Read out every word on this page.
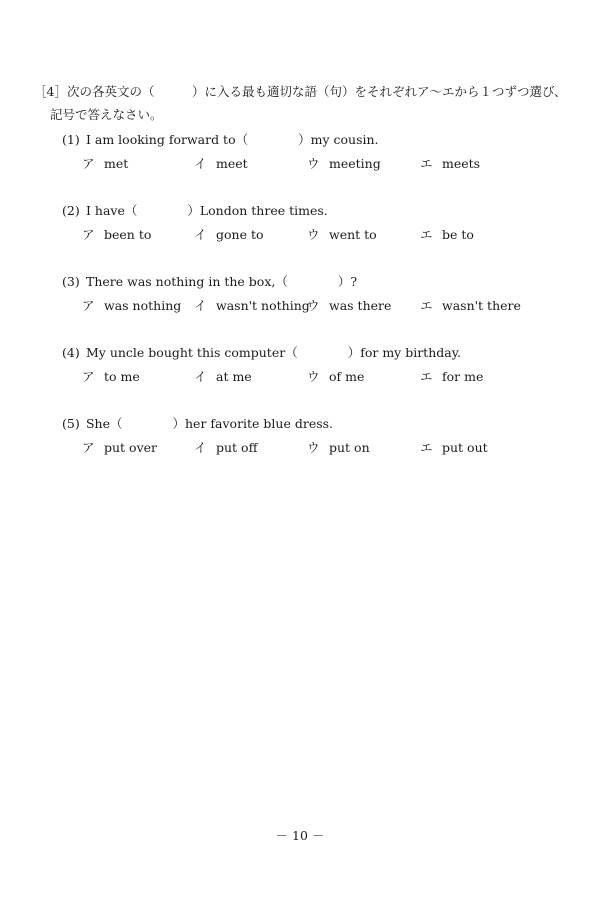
［4］次の各英文の（　　　）に入る最も適切な語（句）をそれぞれア～エから１つずつ選び、
記号で答えなさい。
(1) I am looking forward to（	）my cousin.
ア met	イ meet	ウ meeting	エ meets
(2) I have（	）London three times.
ア been to	イ gone to	ウ went to	エ be to
(3) There was nothing in the box,（	）?
ア was nothing イ wasn't nothing
ウ was there エ wasn't there
(4) My uncle bought this computer（	）for my birthday.
ア to me	イ at me	ウ of me	エ for me
(5) She（	）her favorite blue dress.
ア put over	イ put off	ウ put on	エ put out
－ 10 －
